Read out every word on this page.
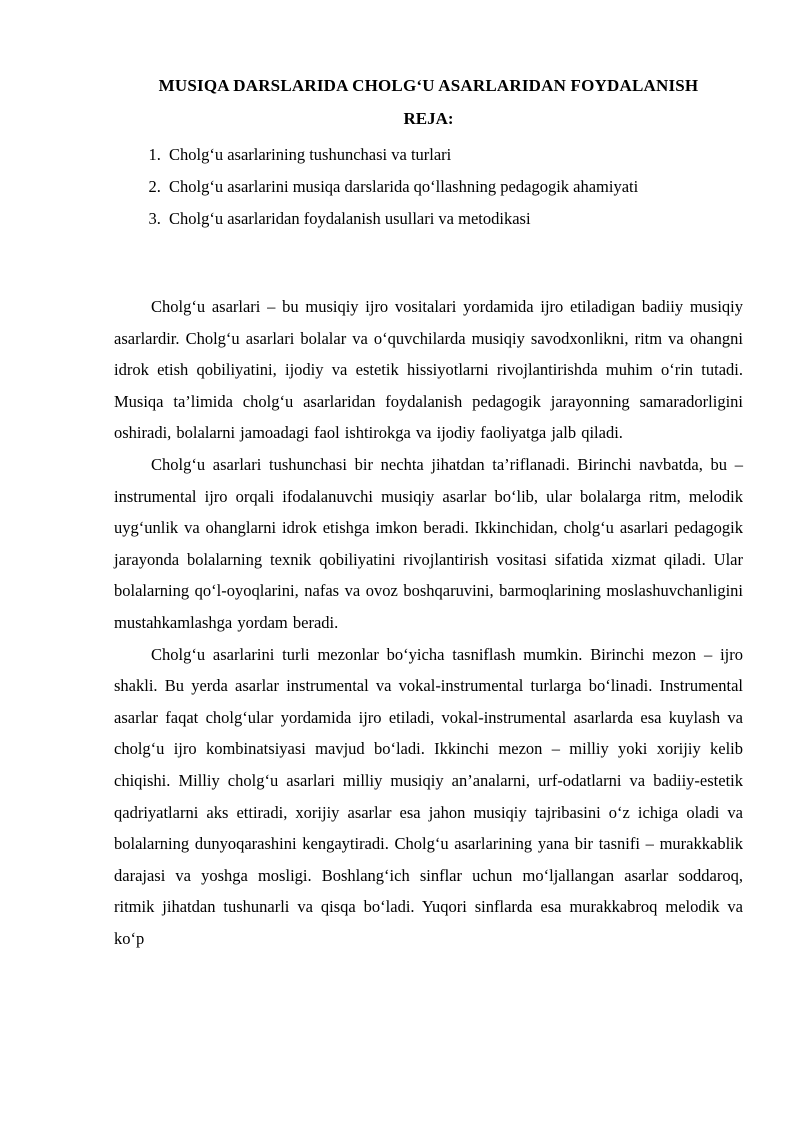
MUSIQA DARSLARIDA CHOLGʻU ASARLARIDAN FOYDALANISH
REJA:
1. Cholgʻu asarlarining tushunchasi va turlari
2. Cholgʻu asarlarini musiqa darslarida qoʻllashning pedagogik ahamiyati
3. Cholgʻu asarlaridan foydalanish usullari va metodikasi

Cholgʻu asarlari – bu musiqiy ijro vositalari yordamida ijro etiladigan badiiy musiqiy asarlardir. Cholgʻu asarlari bolalar va oʻquvchilarda musiqiy savodxonlikni, ritm va ohangni idrok etish qobiliyatini, ijodiy va estetik hissiyotlarni rivojlantirishda muhim oʻrin tutadi. Musiqa ta’limida cholgʻu asarlaridan foydalanish pedagogik jarayonning samaradorligini oshiradi, bolalarni jamoadagi faol ishtirokga va ijodiy faoliyatga jalb qiladi.

Cholgʻu asarlari tushunchasi bir nechta jihatdan ta’riflanadi. Birinchi navbatda, bu – instrumental ijro orqali ifodalanuvchi musiqiy asarlar boʻlib, ular bolalarga ritm, melodik uygʻunlik va ohanglarni idrok etishga imkon beradi. Ikkinchidan, cholgʻu asarlari pedagogik jarayonda bolalarning texnik qobiliyatini rivojlantirish vositasi sifatida xizmat qiladi. Ular bolalarning qoʻl-oyoqlarini, nafas va ovoz boshqaruvini, barmoqlarining moslashuvchanligini mustahkamlashga yordam beradi.

Cholgʻu asarlarini turli mezonlar boʻyicha tasniflash mumkin. Birinchi mezon – ijro shakli. Bu yerda asarlar instrumental va vokal-instrumental turlarga boʻlinadi. Instrumental asarlar faqat cholgʻular yordamida ijro etiladi, vokal-instrumental asarlarda esa kuylash va cholgʻu ijro kombinatsiyasi mavjud boʻladi. Ikkinchi mezon – milliy yoki xorijiy kelib chiqishi. Milliy cholgʻu asarlari milliy musiqiy an’analarni, urf-odatlarni va badiiy-estetik qadriyatlarni aks ettiradi, xorijiy asarlar esa jahon musiqiy tajribasini oʻz ichiga oladi va bolalarning dunyoqarashini kengaytiradi. Cholgʻu asarlarining yana bir tasnifi – murakkablik darajasi va yoshga mosligi. Boshlangʻich sinflar uchun moʻljallangan asarlar soddaroq, ritmik jihatdan tushunarli va qisqa boʻladi. Yuqori sinflarda esa murakkabroq melodik va koʻp
